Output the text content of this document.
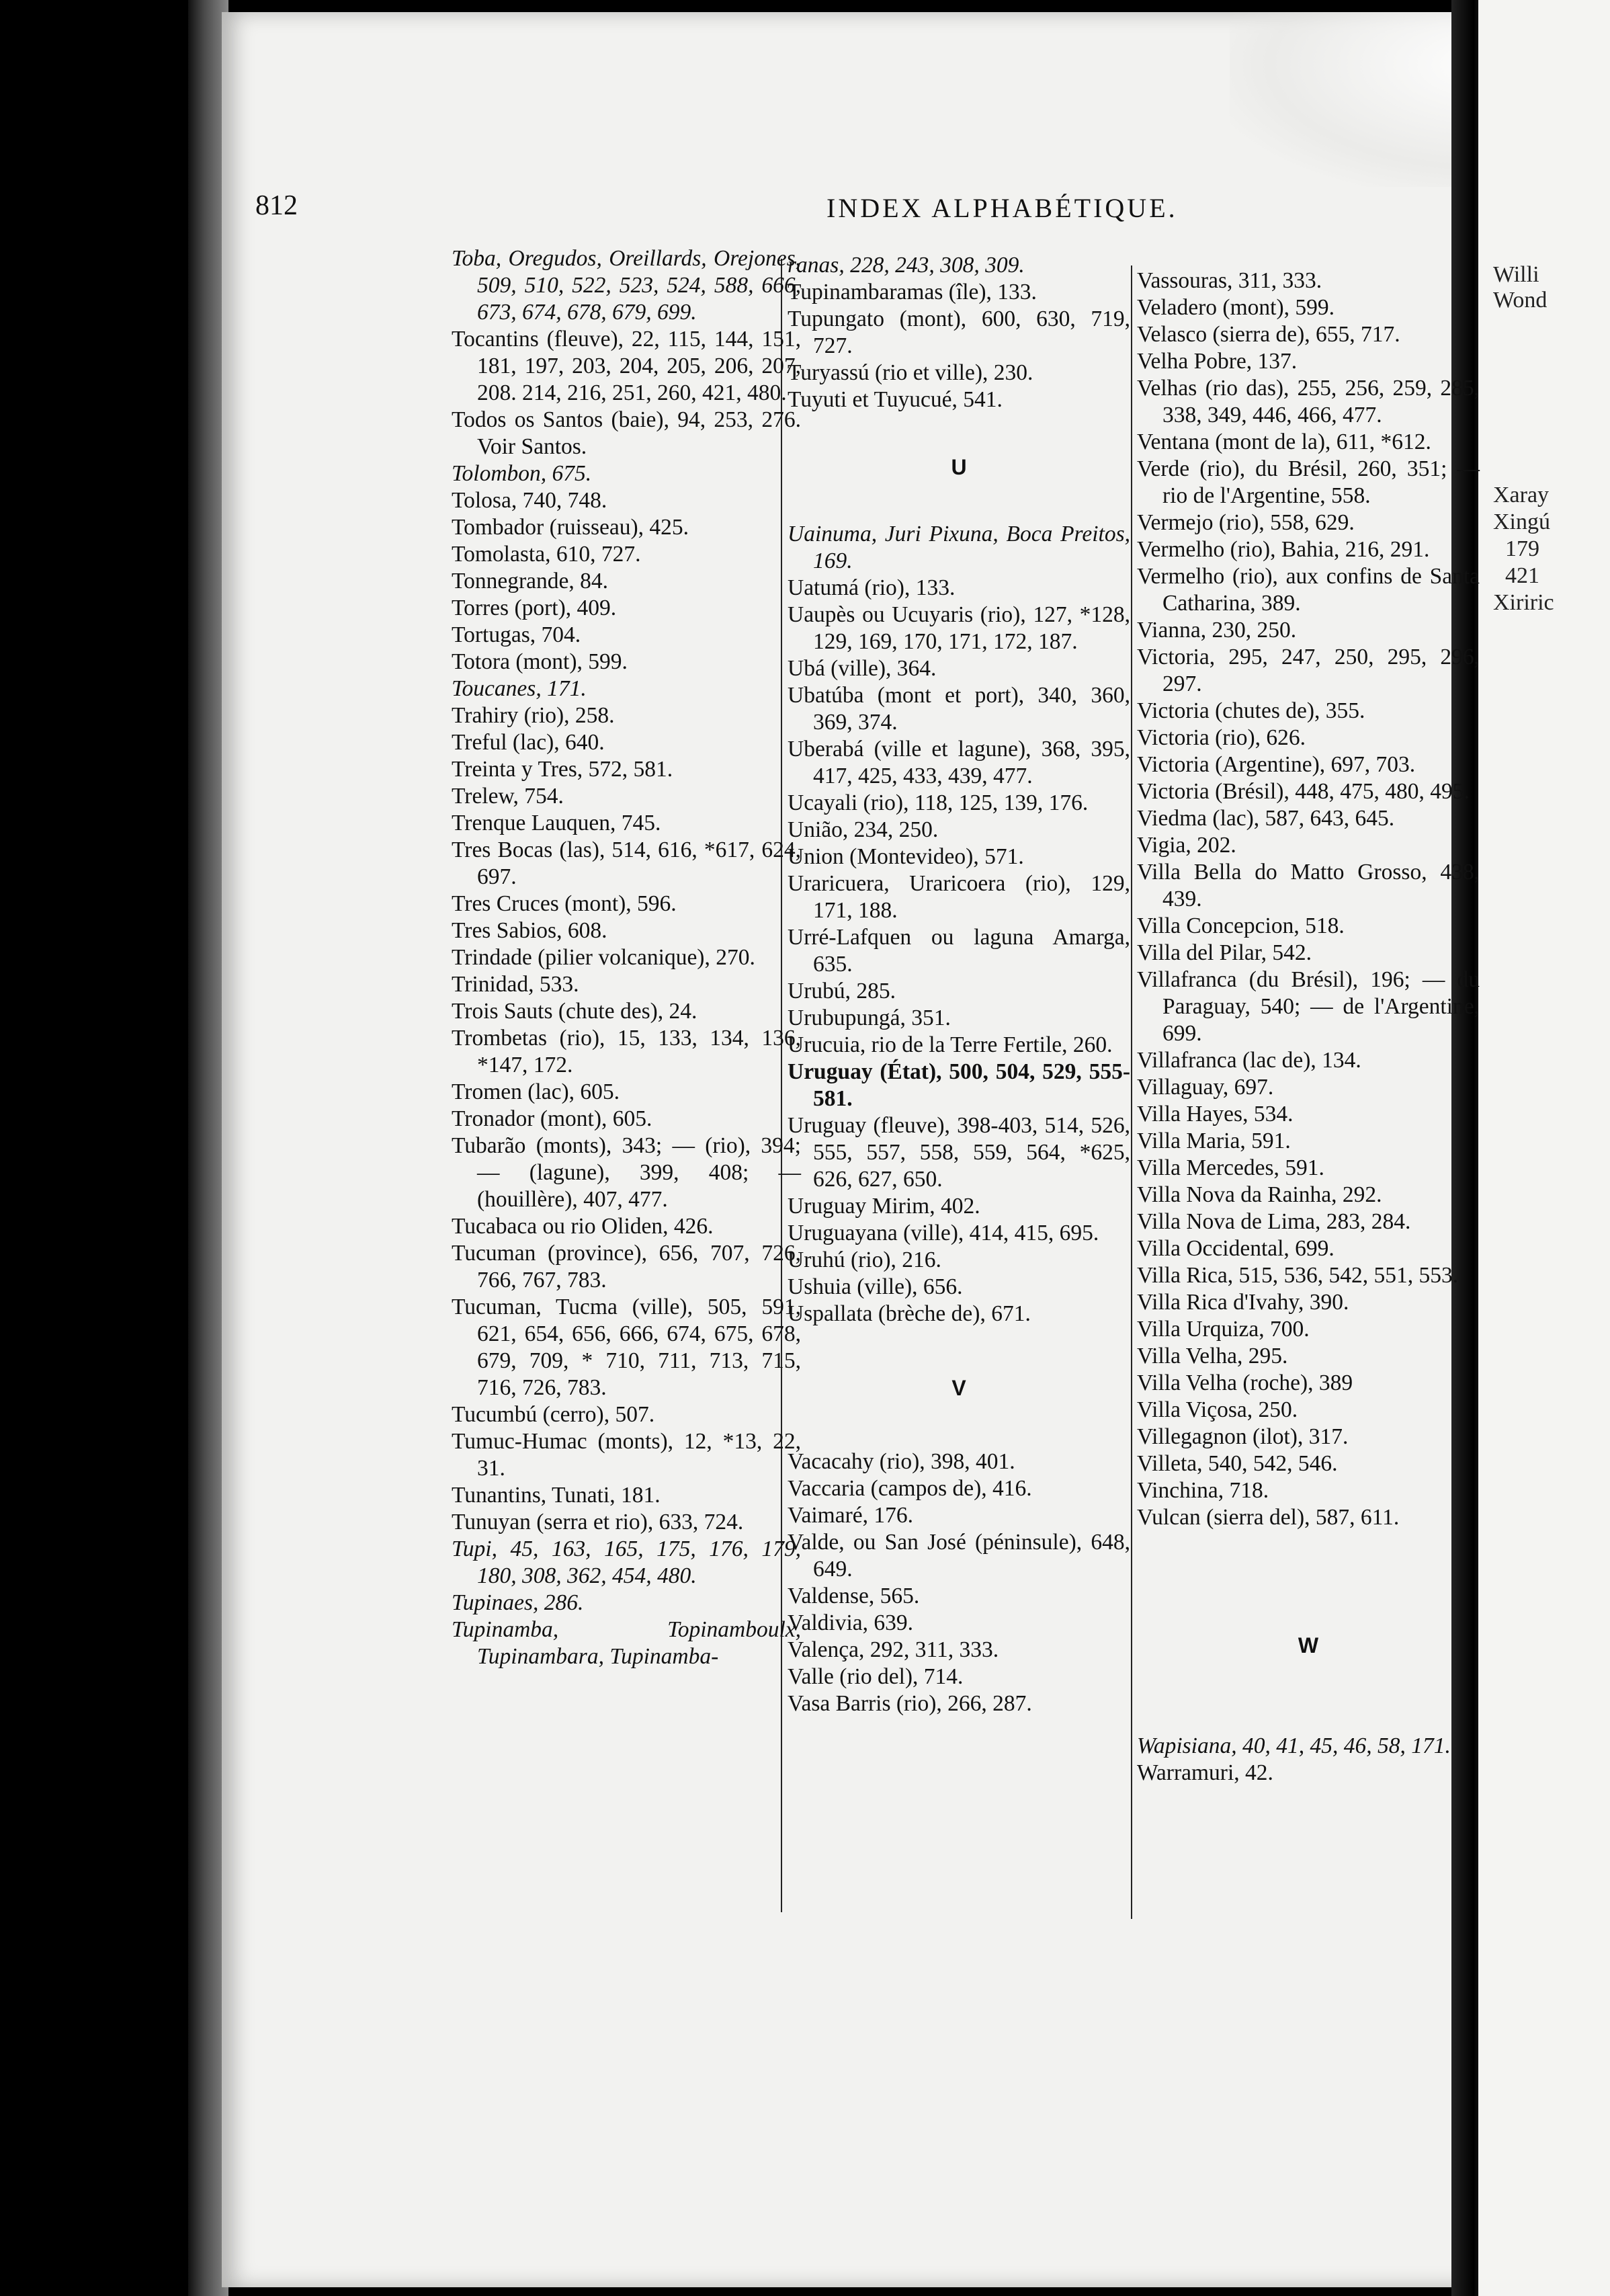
Willi
Wond
Xaray
Xingú
179
421
Xiriric
812	INDEX ALPHABÉTIQUE.

Toba, Oregudos, Oreillards, Orejones, 509, 510, 522, 523, 524, 588, 666, 673, 674, 678, 679, 699.

Tocantins (fleuve), 22, 115, 144, 151, 181, 197, 203, 204, 205, 206, 207, 208. 214, 216, 251, 260, 421, 480.

Todos os Santos (baie), 94, 253, 276. Voir Santos.

Tolombon, 675.

Tolosa, 740, 748.

Tombador (ruisseau), 425.

Tomolasta, 610, 727.

Tonnegrande, 84.

Torres (port), 409.

Tortugas, 704.

Totora (mont), 599.

Toucanes, 171.

Trahiry (rio), 258.

Treful (lac), 640.

Treinta y Tres, 572, 581.

Trelew, 754.

Trenque Lauquen, 745.

Tres Bocas (las), 514, 616, *617, 624, 697.

Tres Cruces (mont), 596.

Tres Sabios, 608.

Trindade (pilier volcanique), 270.

Trinidad, 533.

Trois Sauts (chute des), 24.

Trombetas (rio), 15, 133, 134, 136, *147, 172.

Tromen (lac), 605.

Tronador (mont), 605.

Tubarão (monts), 343; — (rio), 394; — (lagune), 399, 408; — (houillère), 407, 477.

Tucabaca ou rio Oliden, 426.

Tucuman (province), 656, 707, 726, 766, 767, 783.

Tucuman, Tucma (ville), 505, 591, 621, 654, 656, 666, 674, 675, 678, 679, 709, * 710, 711, 713, 715, 716, 726, 783.

Tucumbú (cerro), 507.

Tumuc-Humac (monts), 12, *13, 22, 31.

Tunantins, Tunati, 181.

Tunuyan (serra et rio), 633, 724.

Tupi, 45, 163, 165, 175, 176, 179, 180, 308, 362, 454, 480.

Tupinaes, 286.

Tupinamba, Topinamboulx, Tupinambara, Tupinamba-

ranas, 228, 243, 308, 309.

Tupinambaramas (île), 133.

Tupungato (mont), 600, 630, 719, 727.

Turyassú (rio et ville), 230.

Tuyuti et Tuyucué, 541.

U

Uainuma, Juri Pixuna, Boca Preitos, 169.

Uatumá (rio), 133.

Uaupès ou Ucuyaris (rio), 127, *128, 129, 169, 170, 171, 172, 187.

Ubá (ville), 364.

Ubatúba (mont et port), 340, 360, 369, 374.

Uberabá (ville et lagune), 368, 395, 417, 425, 433, 439, 477.

Ucayali (rio), 118, 125, 139, 176.

União, 234, 250.

Union (Montevideo), 571.

Uraricuera, Uraricoera (rio), 129, 171, 188.

Urré-Lafquen ou laguna Amarga, 635.

Urubú, 285.

Urubupungá, 351.

Urucuia, rio de la Terre Fertile, 260.

Uruguay (État), 500, 504, 529, 555-581.

Uruguay (fleuve), 398-403, 514, 526, 555, 557, 558, 559, 564, *625, 626, 627, 650.

Uruguay Mirim, 402.

Uruguayana (ville), 414, 415, 695.

Uruhú (rio), 216.

Ushuia (ville), 656.

Uspallata (brèche de), 671.

V

Vacacahy (rio), 398, 401.

Vaccaria (campos de), 416.

Vaimaré, 176.

Valde, ou San José (péninsule), 648, 649.

Valdense, 565.

Valdivia, 639.

Valença, 292, 311, 333.

Valle (rio del), 714.

Vasa Barris (rio), 266, 287.

Vassouras, 311, 333.

Veladero (mont), 599.

Velasco (sierra de), 655, 717.

Velha Pobre, 137.

Velhas (rio das), 255, 256, 259, 285, 338, 349, 446, 466, 477.

Ventana (mont de la), 611, *612.

Verde (rio), du Brésil, 260, 351; — rio de l'Argentine, 558.

Vermejo (rio), 558, 629.

Vermelho (rio), Bahia, 216, 291.

Vermelho (rio), aux confins de Santa Catharina, 389.

Vianna, 230, 250.

Victoria, 295, 247, 250, 295, 296, 297.

Victoria (chutes de), 355.

Victoria (rio), 626.

Victoria (Argentine), 697, 703.

Victoria (Brésil), 448, 475, 480, 495.

Viedma (lac), 587, 643, 645.

Vigia, 202.

Villa Bella do Matto Grosso, 438, 439.

Villa Concepcion, 518.

Villa del Pilar, 542.

Villafranca (du Brésil), 196; — du Paraguay, 540; — de l'Argentine, 699.

Villafranca (lac de), 134.

Villaguay, 697.

Villa Hayes, 534.

Villa Maria, 591.

Villa Mercedes, 591.

Villa Nova da Rainha, 292.

Villa Nova de Lima, 283, 284.

Villa Occidental, 699.

Villa Rica, 515, 536, 542, 551, 553.

Villa Rica d'Ivahy, 390.

Villa Urquiza, 700.

Villa Velha, 295.

Villa Velha (roche), 389

Villa Viçosa, 250.

Villegagnon (ilot), 317.

Villeta, 540, 542, 546.

Vinchina, 718.

Vulcan (sierra del), 587, 611.

W

Wapisiana, 40, 41, 45, 46, 58, 171.

Warramuri, 42.
